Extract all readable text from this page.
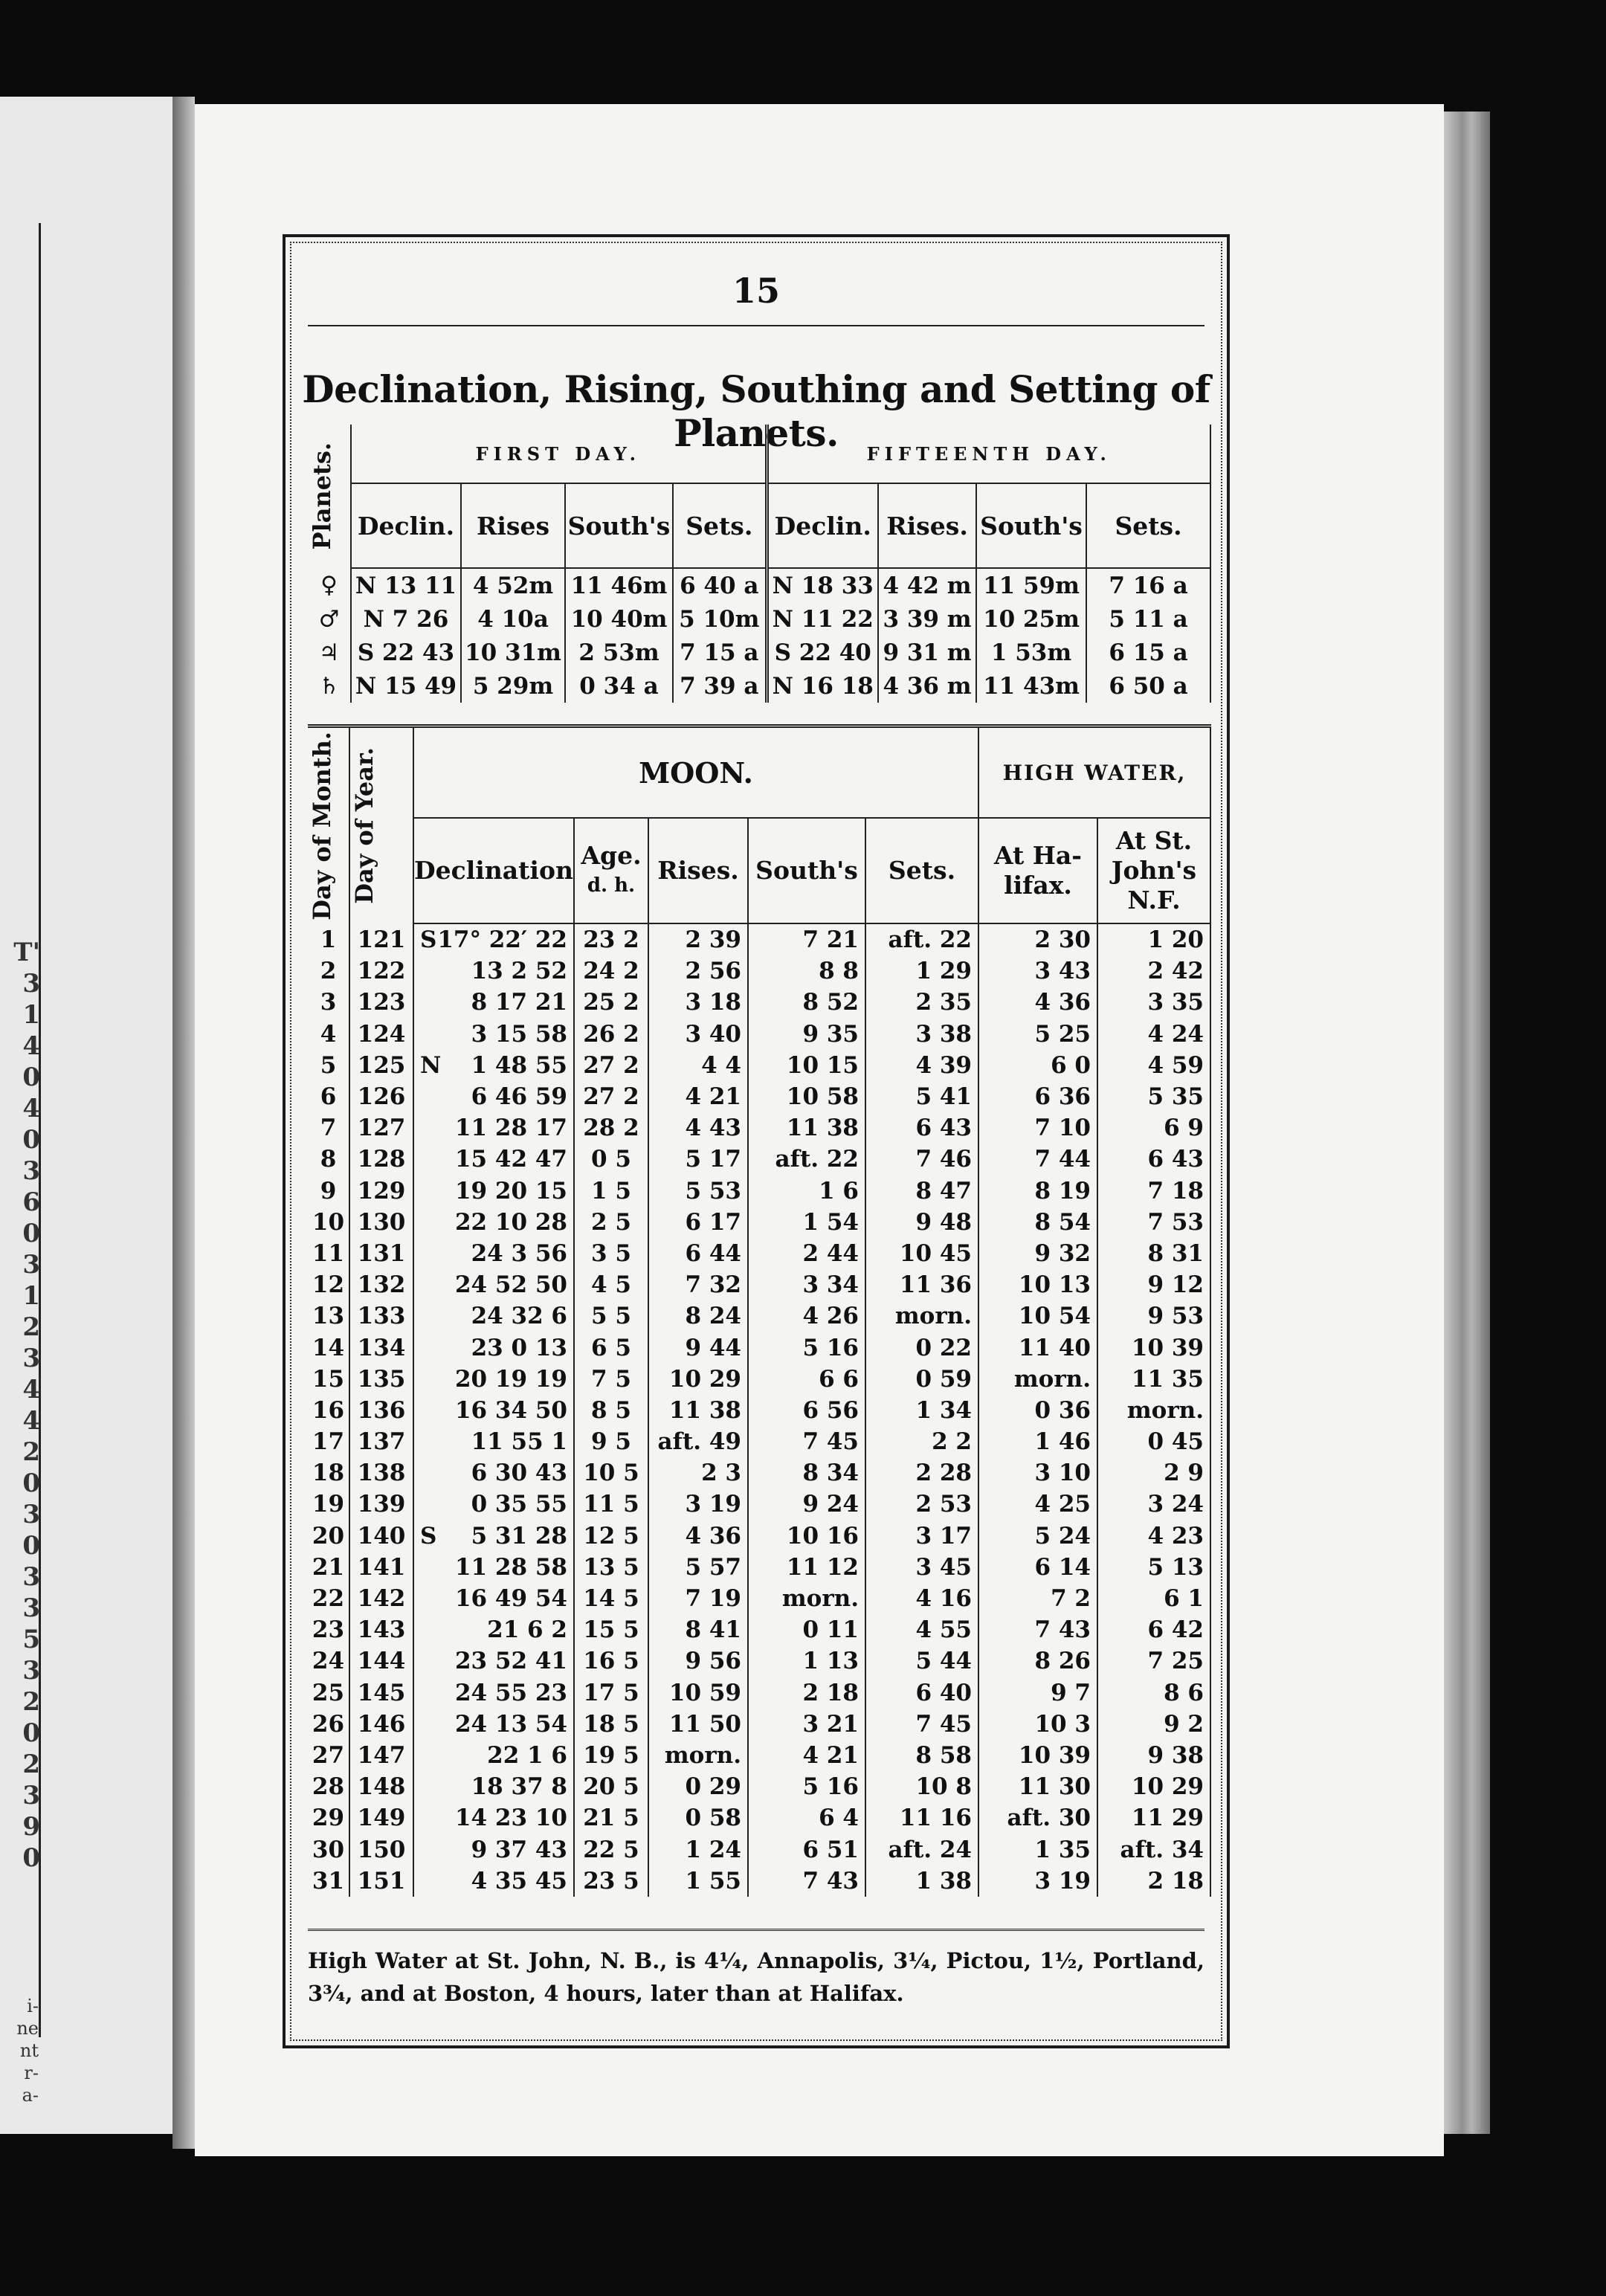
T'
3
1
4
0
4
0
3
6
0
3
1
2
3
4
4
2
0
3
0
3
3
5
3
2
0
2
3
9
0
i-
ne
nt
r-
a-
15
Declination, Rising, Southing and Setting of Planets.
Planets.	FIRST DAY.				FIFTEENTH DAY.			
	Declin.	Rises	South's	Sets.	Declin.	Rises.	South's	Sets.
♀	N 13 11	4 52m	11 46m	6 40 a	N 18 33	4 42 m	11 59m	7 16 a
♂	N 7 26	4 10a	10 40m	5 10m	N 11 22	3 39 m	10 25m	5 11 a
♃	S 22 43	10 31m	2 53m	7 15 a	S 22 40	9 31 m	1 53m	6 15 a
♄	N 15 49	5 29m	0 34 a	7 39 a	N 16 18	4 36 m	11 43m	6 50 a
Day of Month.	Day of Year.	MOON.						HIGH WATER,	
		Declination		Age.
d. h.	Rises.	South's	Sets.	At Ha-lifax.	At St. John's N.F.
1	121	S	17° 22′ 22	23 2	2 39	7 21	aft. 22	2 30	1 20
2	122		13 2 52	24 2	2 56	8 8	1 29	3 43	2 42
3	123		8 17 21	25 2	3 18	8 52	2 35	4 36	3 35
4	124		3 15 58	26 2	3 40	9 35	3 38	5 25	4 24
5	125	N	1 48 55	27 2	4 4	10 15	4 39	6 0	4 59
6	126		6 46 59	27 2	4 21	10 58	5 41	6 36	5 35
7	127		11 28 17	28 2	4 43	11 38	6 43	7 10	6 9
8	128		15 42 47	0 5	5 17	aft. 22	7 46	7 44	6 43
9	129		19 20 15	1 5	5 53	1 6	8 47	8 19	7 18
10	130		22 10 28	2 5	6 17	1 54	9 48	8 54	7 53
11	131		24 3 56	3 5	6 44	2 44	10 45	9 32	8 31
12	132		24 52 50	4 5	7 32	3 34	11 36	10 13	9 12
13	133		24 32 6	5 5	8 24	4 26	morn.	10 54	9 53
14	134		23 0 13	6 5	9 44	5 16	0 22	11 40	10 39
15	135		20 19 19	7 5	10 29	6 6	0 59	morn.	11 35
16	136		16 34 50	8 5	11 38	6 56	1 34	0 36	morn.
17	137		11 55 1	9 5	aft. 49	7 45	2 2	1 46	0 45
18	138		6 30 43	10 5	2 3	8 34	2 28	3 10	2 9
19	139		0 35 55	11 5	3 19	9 24	2 53	4 25	3 24
20	140	S	5 31 28	12 5	4 36	10 16	3 17	5 24	4 23
21	141		11 28 58	13 5	5 57	11 12	3 45	6 14	5 13
22	142		16 49 54	14 5	7 19	morn.	4 16	7 2	6 1
23	143		21 6 2	15 5	8 41	0 11	4 55	7 43	6 42
24	144		23 52 41	16 5	9 56	1 13	5 44	8 26	7 25
25	145		24 55 23	17 5	10 59	2 18	6 40	9 7	8 6
26	146		24 13 54	18 5	11 50	3 21	7 45	10 3	9 2
27	147		22 1 6	19 5	morn.	4 21	8 58	10 39	9 38
28	148		18 37 8	20 5	0 29	5 16	10 8	11 30	10 29
29	149		14 23 10	21 5	0 58	6 4	11 16	aft. 30	11 29
30	150		9 37 43	22 5	1 24	6 51	aft. 24	1 35	aft. 34
31	151		4 35 45	23 5	1 55	7 43	1 38	3 19	2 18
High Water at St. John, N. B., is 4¼, Annapolis, 3¼, Pictou, 1½, Portland, 3¾, and at Boston, 4 hours, later than at Halifax.
